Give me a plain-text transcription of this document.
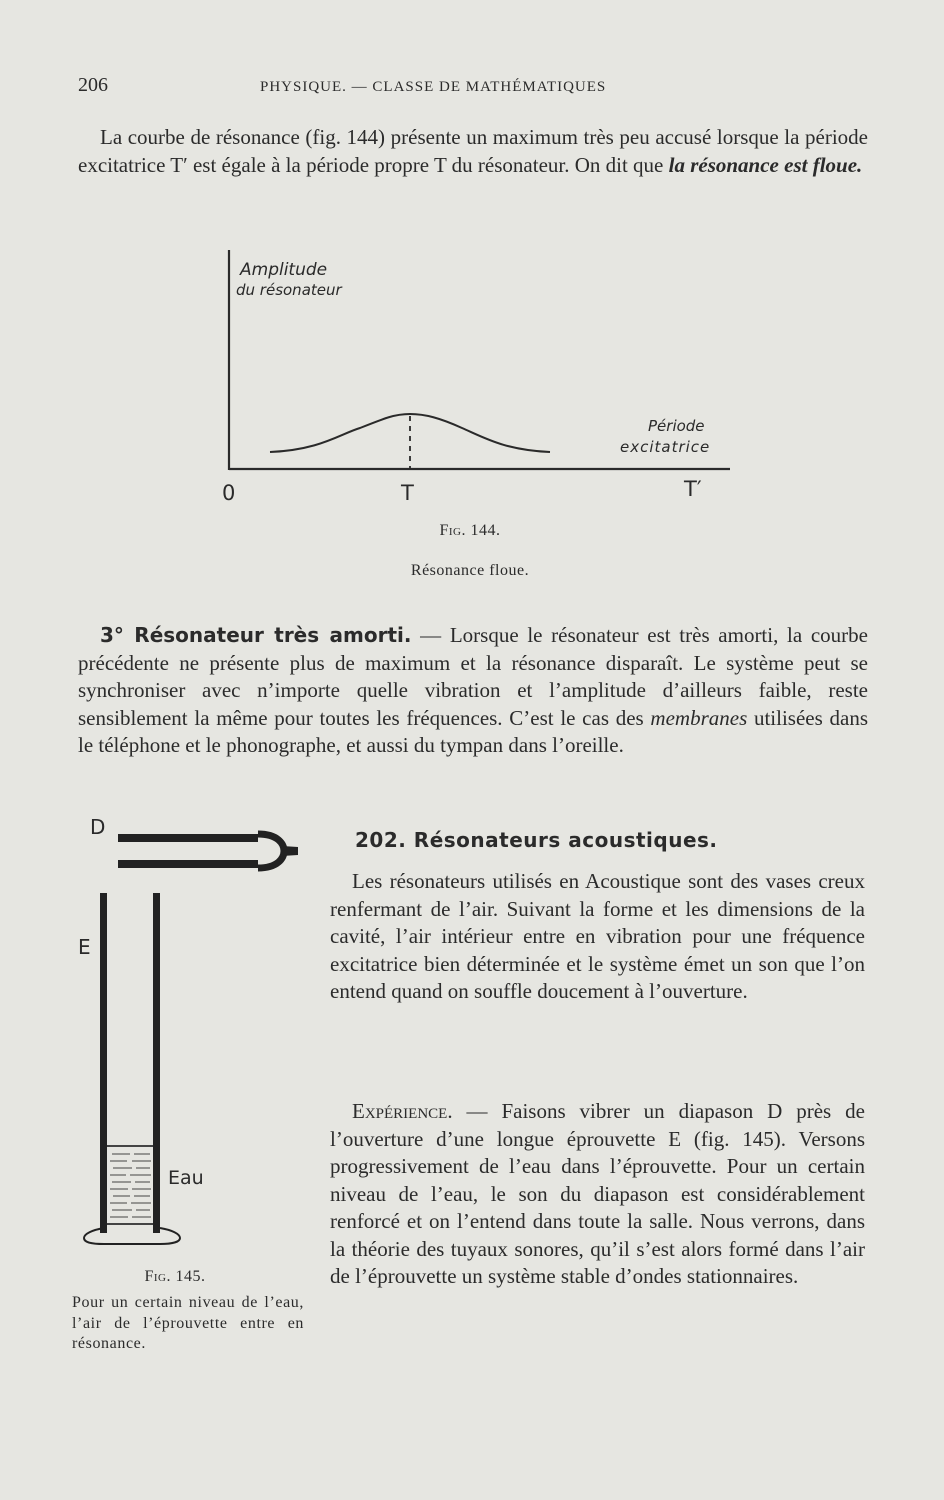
206	PHYSIQUE. — CLASSE DE MATHÉMATIQUES

La courbe de résonance (fig. 144) présente un maximum très peu accusé lorsque la période excitatrice T′ est égale à la période propre T du résonateur. On dit que la résonance est floue.

Amplitude
du résonateur
Période
excitatrice
0	T	T′
Fig. 144.
Résonance floue.

3° Résonateur très amorti. — Lorsque le résonateur est très amorti, la courbe précédente ne présente plus de maximum et la résonance disparaît. Le système peut se synchroniser avec n’importe quelle vibration et l’amplitude d’ailleurs faible, reste sensiblement la même pour toutes les fréquences. C’est le cas des membranes utilisées dans le téléphone et le phonographe, et aussi du tympan dans l’oreille.

D
E
Eau
Fig. 145.
Pour un certain niveau de l’eau, l’air de l’éprouvette entre en résonance.
202. Résonateurs acoustiques.

Les résonateurs utilisés en Acoustique sont des vases creux renfermant de l’air. Suivant la forme et les dimensions de la cavité, l’air intérieur entre en vibration pour une fréquence excitatrice bien déterminée et le système émet un son que l’on entend quand on souffle doucement à l’ouverture.

Expérience. — Faisons vibrer un diapason D près de l’ouverture d’une longue éprouvette E (fig. 145). Versons progressivement de l’eau dans l’éprouvette. Pour un certain niveau de l’eau, le son du diapason est considérablement renforcé et on l’entend dans toute la salle. Nous verrons, dans la théorie des tuyaux sonores, qu’il s’est alors formé dans l’air de l’éprouvette un système stable d’ondes stationnaires.
